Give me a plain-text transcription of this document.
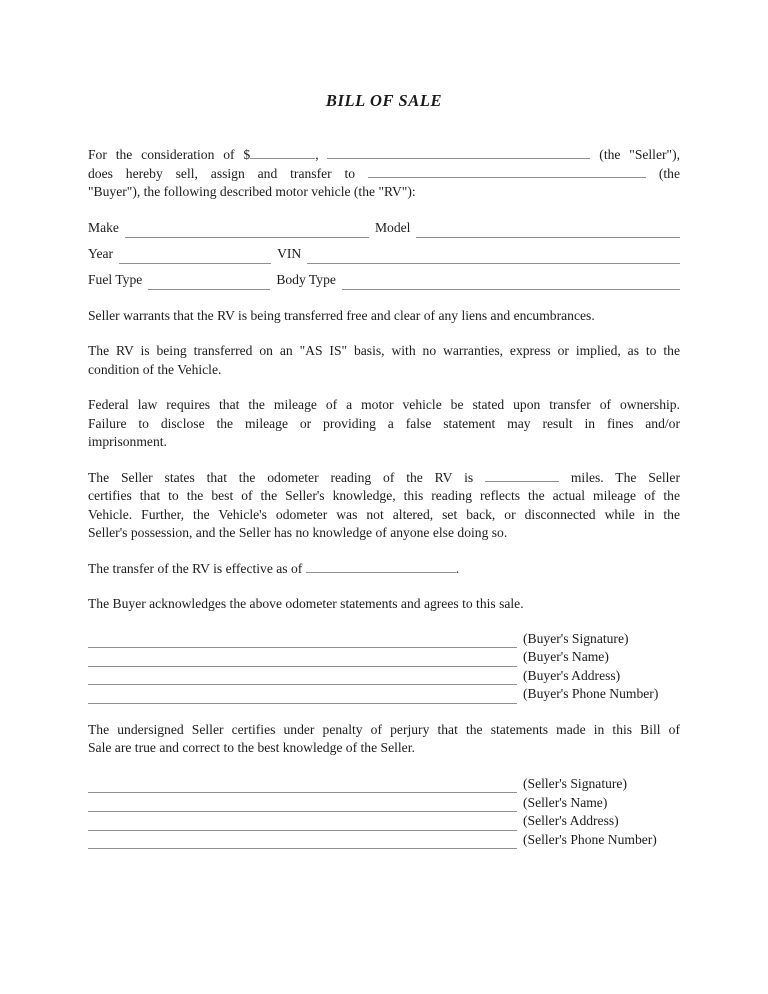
BILL OF SALE
For the consideration of $	,	(the "Seller"),
does hereby sell, assign and transfer to	(the
"Buyer"), the following described motor vehicle (the "RV"):
Make	Model
Year	VIN
Fuel Type	Body Type
Seller warrants that the RV is being transferred free and clear of any liens and encumbrances.
The RV is being transferred on an "AS IS" basis, with no warranties, express or implied, as to the
condition of the Vehicle.
Federal law requires that the mileage of a motor vehicle be stated upon transfer of ownership.
Failure to disclose the mileage or providing a false statement may result in fines and/or
imprisonment.
The Seller states that the odometer reading of the RV is	miles. The Seller
certifies that to the best of the Seller's knowledge, this reading reflects the actual mileage of the
Vehicle. Further, the Vehicle's odometer was not altered, set back, or disconnected while in the
Seller's possession, and the Seller has no knowledge of anyone else doing so.
The transfer of the RV is effective as of	.
The Buyer acknowledges the above odometer statements and agrees to this sale.
(Buyer's Signature)
(Buyer's Name)
(Buyer's Address)
(Buyer's Phone Number)
The undersigned Seller certifies under penalty of perjury that the statements made in this Bill of
Sale are true and correct to the best knowledge of the Seller.
(Seller's Signature)
(Seller's Name)
(Seller's Address)
(Seller's Phone Number)
